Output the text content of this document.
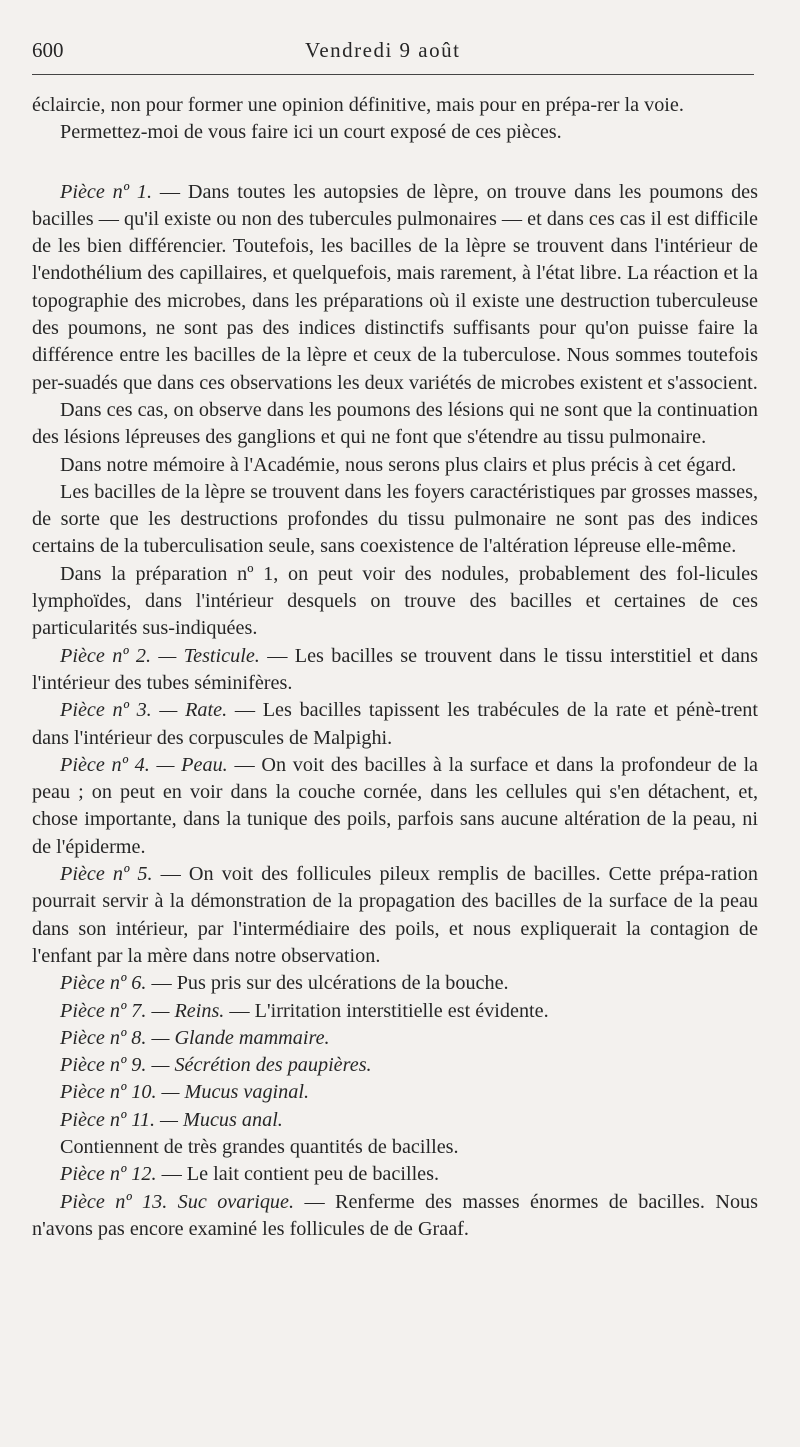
600	Vendredi 9 août

éclaircie, non pour former une opinion définitive, mais pour en prépa-rer la voie.

Permettez-moi de vous faire ici un court exposé de ces pièces.

Pièce nº 1. — Dans toutes les autopsies de lèpre, on trouve dans les poumons des bacilles — qu'il existe ou non des tubercules pulmonaires — et dans ces cas il est difficile de les bien différencier. Toutefois, les bacilles de la lèpre se trouvent dans l'intérieur de l'endothélium des capillaires, et quelquefois, mais rarement, à l'état libre. La réaction et la topographie des microbes, dans les préparations où il existe une destruction tuberculeuse des poumons, ne sont pas des indices distinctifs suffisants pour qu'on puisse faire la différence entre les bacilles de la lèpre et ceux de la tuberculose. Nous sommes toutefois per-suadés que dans ces observations les deux variétés de microbes existent et s'associent.

Dans ces cas, on observe dans les poumons des lésions qui ne sont que la continuation des lésions lépreuses des ganglions et qui ne font que s'étendre au tissu pulmonaire.

Dans notre mémoire à l'Académie, nous serons plus clairs et plus précis à cet égard.

Les bacilles de la lèpre se trouvent dans les foyers caractéristiques par grosses masses, de sorte que les destructions profondes du tissu pulmonaire ne sont pas des indices certains de la tuberculisation seule, sans coexistence de l'altération lépreuse elle-même.

Dans la préparation nº 1, on peut voir des nodules, probablement des fol-licules lymphoïdes, dans l'intérieur desquels on trouve des bacilles et certaines de ces particularités sus-indiquées.

Pièce nº 2. — Testicule. — Les bacilles se trouvent dans le tissu interstitiel et dans l'intérieur des tubes séminifères.

Pièce nº 3. — Rate. — Les bacilles tapissent les trabécules de la rate et pénè-trent dans l'intérieur des corpuscules de Malpighi.

Pièce nº 4. — Peau. — On voit des bacilles à la surface et dans la profondeur de la peau ; on peut en voir dans la couche cornée, dans les cellules qui s'en détachent, et, chose importante, dans la tunique des poils, parfois sans aucune altération de la peau, ni de l'épiderme.

Pièce nº 5. — On voit des follicules pileux remplis de bacilles. Cette prépa-ration pourrait servir à la démonstration de la propagation des bacilles de la surface de la peau dans son intérieur, par l'intermédiaire des poils, et nous expliquerait la contagion de l'enfant par la mère dans notre observation.

Pièce nº 6. — Pus pris sur des ulcérations de la bouche.

Pièce nº 7. — Reins. — L'irritation interstitielle est évidente.

Pièce nº 8. — Glande mammaire.

Pièce nº 9. — Sécrétion des paupières.

Pièce nº 10. — Mucus vaginal.

Pièce nº 11. — Mucus anal.

Contiennent de très grandes quantités de bacilles.

Pièce nº 12. — Le lait contient peu de bacilles.

Pièce nº 13. Suc ovarique. — Renferme des masses énormes de bacilles. Nous n'avons pas encore examiné les follicules de de Graaf.
